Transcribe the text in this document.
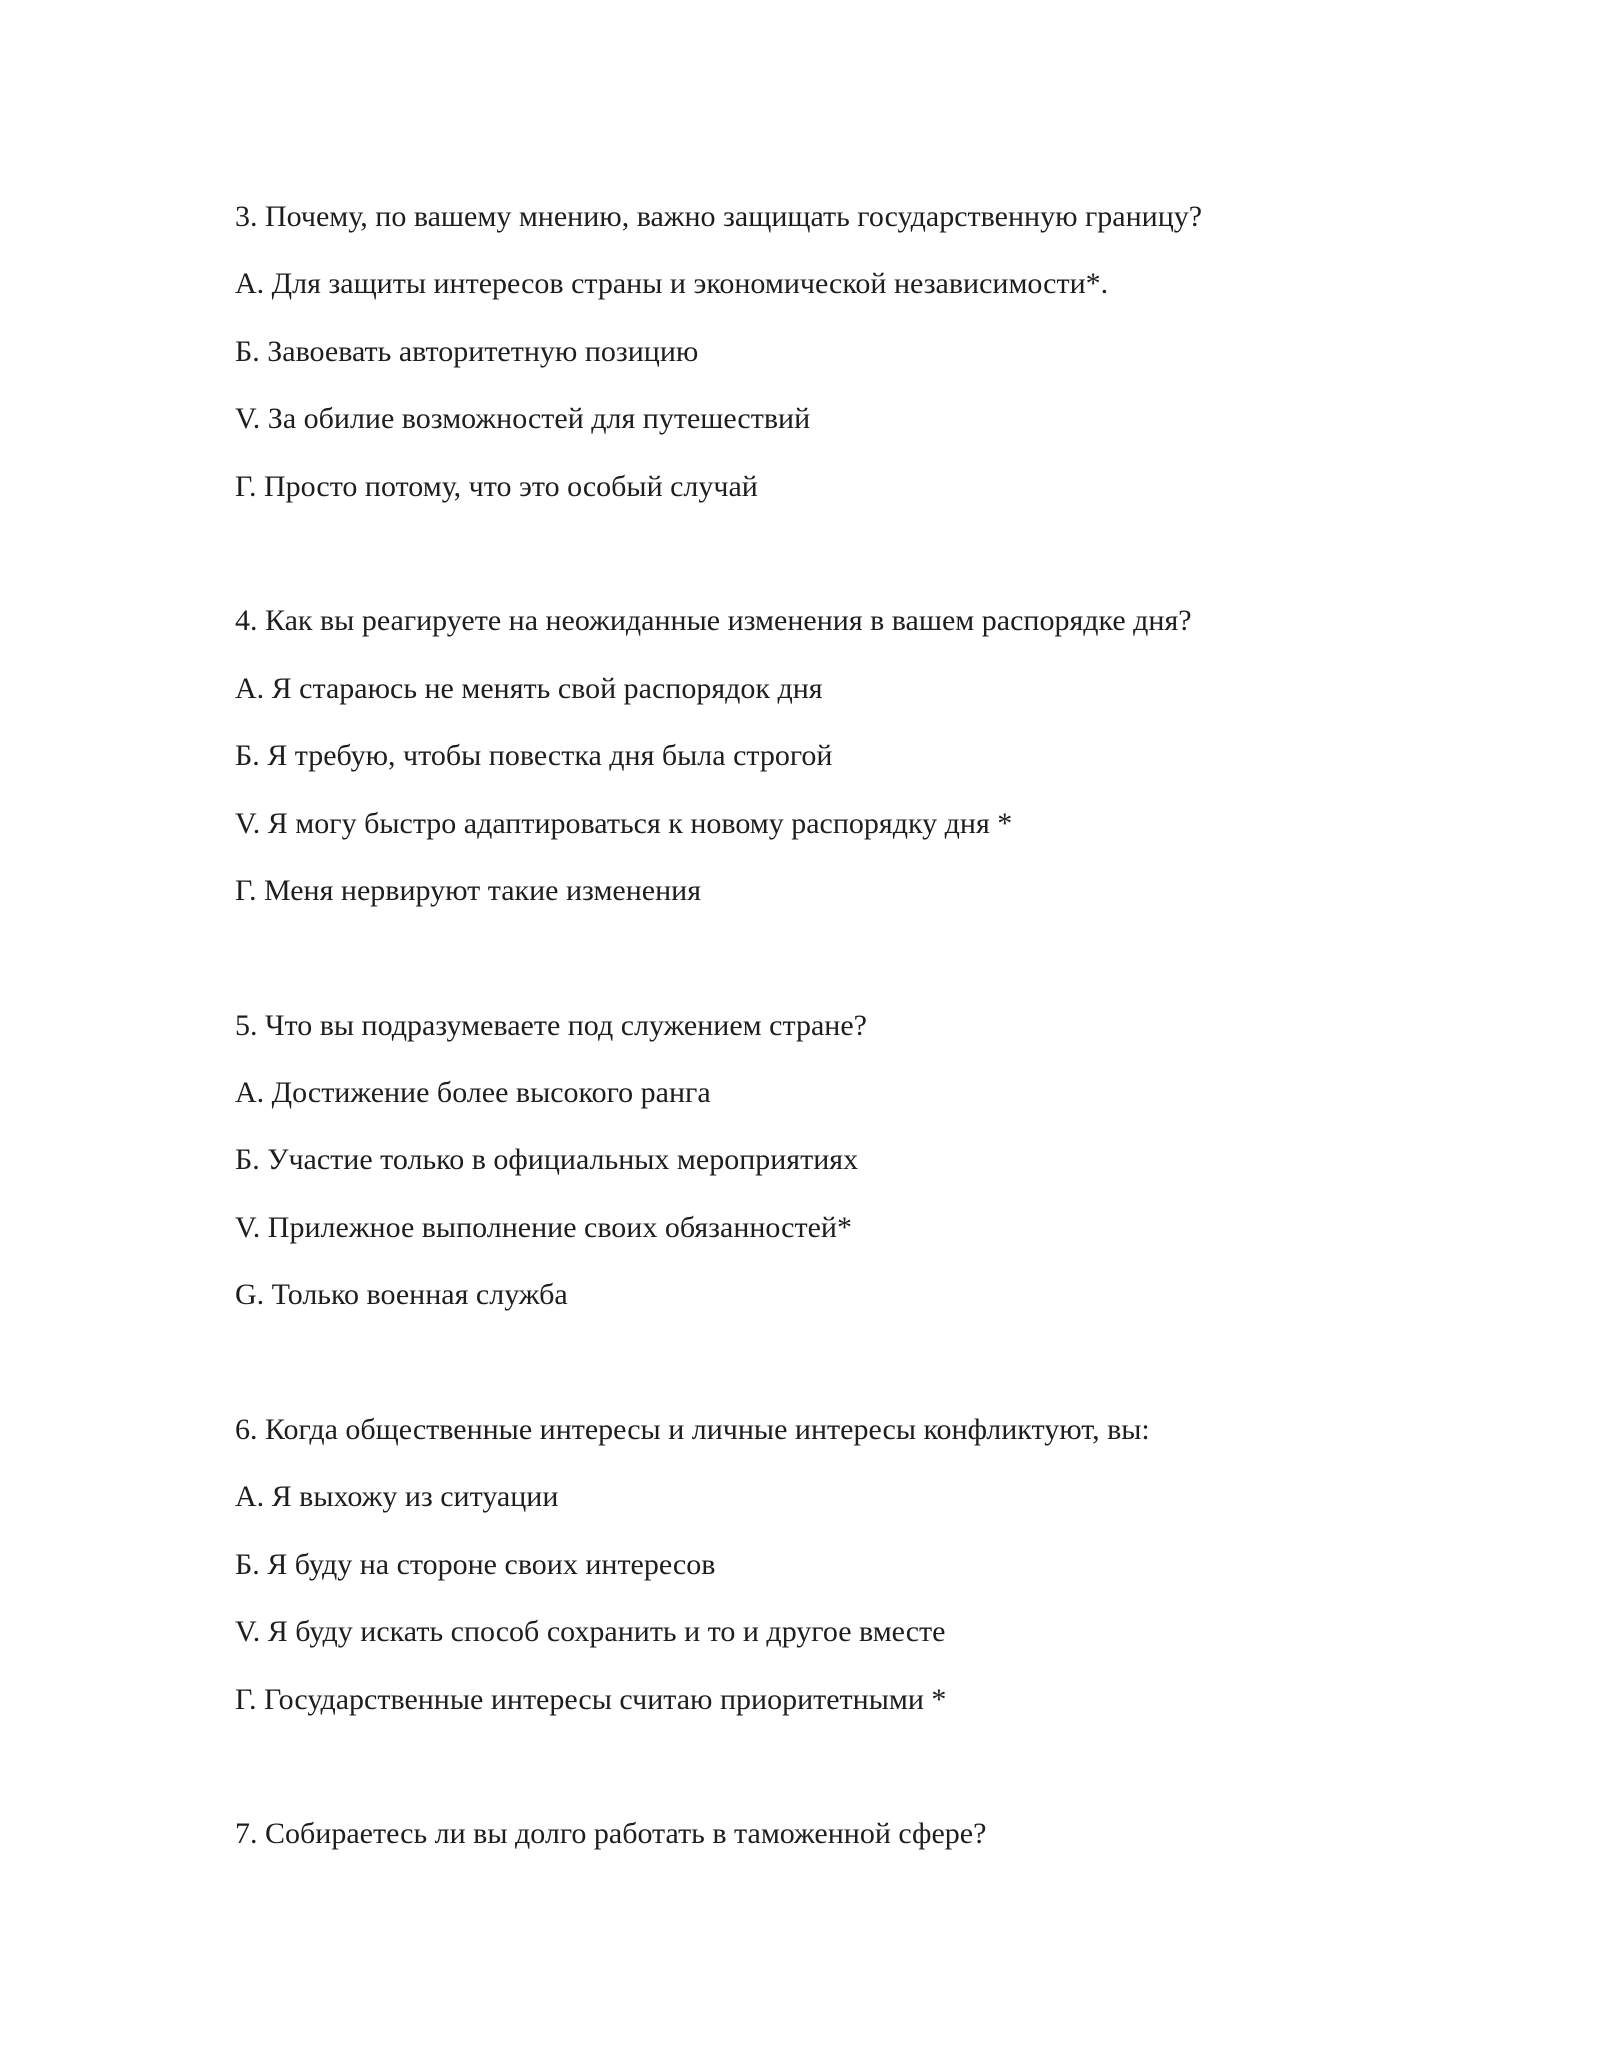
3. Почему, по вашему мнению, важно защищать государственную границу?
А. Для защиты интересов страны и экономической независимости*.
Б. Завоевать авторитетную позицию
V. За обилие возможностей для путешествий
Г. Просто потому, что это особый случай
4. Как вы реагируете на неожиданные изменения в вашем распорядке дня?
А. Я стараюсь не менять свой распорядок дня
Б. Я требую, чтобы повестка дня была строгой
V. Я могу быстро адаптироваться к новому распорядку дня *
Г. Меня нервируют такие изменения
5. Что вы подразумеваете под служением стране?
А. Достижение более высокого ранга
Б. Участие только в официальных мероприятиях
V. Прилежное выполнение своих обязанностей*
G. Только военная служба
6. Когда общественные интересы и личные интересы конфликтуют, вы:
А. Я выхожу из ситуации
Б. Я буду на стороне своих интересов
V. Я буду искать способ сохранить и то и другое вместе
Г. Государственные интересы считаю приоритетными *
7. Собираетесь ли вы долго работать в таможенной сфере?
